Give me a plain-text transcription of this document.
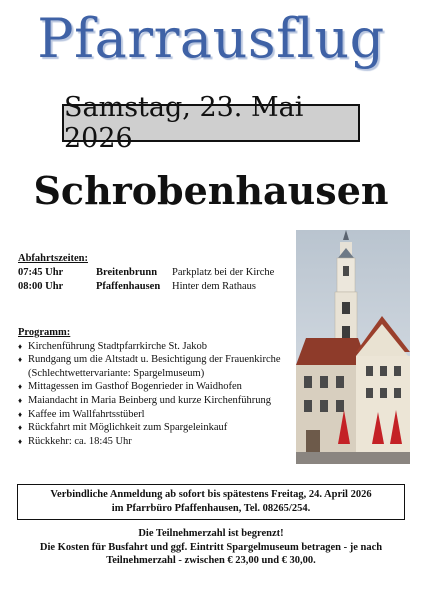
Pfarrausflug
Samstag, 23. Mai 2026
Schrobenhausen
Abfahrtszeiten:
07:45 Uhr	Breitenbrunn	Parkplatz bei der Kirche
08:00 Uhr	Pfaffenhausen	Hinter dem Rathaus
Programm:
♦ Kirchenführung Stadtpfarrkirche St. Jakob
♦ Rundgang um die Altstadt u. Besichtigung der Frauenkirche (Schlechtwettervariante: Spargelmuseum)
♦ Mittagessen im Gasthof Bogenrieder in Waidhofen
♦ Maiandacht in Maria Beinberg und kurze Kirchenführung
♦ Kaffee im Wallfahrtsstüberl
♦ Rückfahrt mit Möglichkeit zum Spargeleinkauf
♦ Rückkehr: ca. 18:45 Uhr
Verbindliche Anmeldung ab sofort bis spätestens Freitag, 24. April 2026
im Pfarrbüro Pfaffenhausen, Tel. 08265/254.
Die Teilnehmerzahl ist begrenzt!
Die Kosten für Busfahrt und ggf. Eintritt Spargelmuseum betragen - je nach
Teilnehmerzahl - zwischen € 23,00 und € 30,00.
